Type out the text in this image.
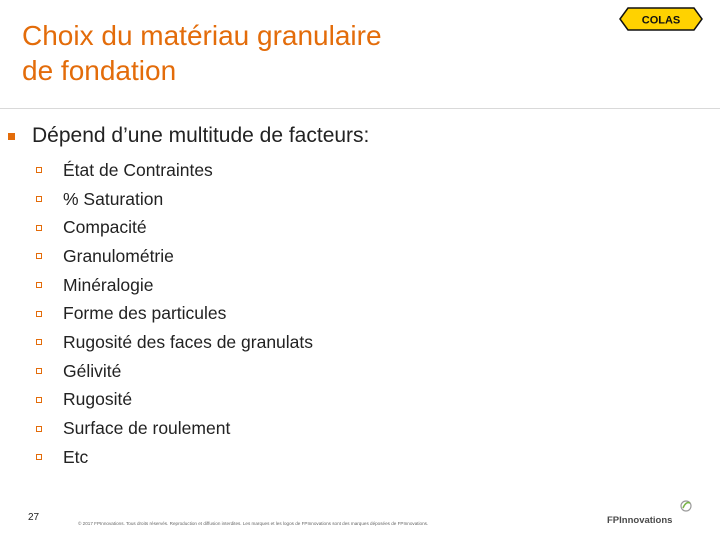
Choix du matériau granulaire
de fondation
COLAS
Dépend d’une multitude de facteurs:
État de Contraintes
% Saturation
Compacité
Granulométrie
Minéralogie
Forme des particules
Rugosité des faces de granulats
Gélivité
Rugosité
Surface de roulement
Etc
27
© 2017 FPInnovations. Tous droits réservés. Reproduction et diffusion interdites. Les marques et les logos de FPInnovations sont des marques déposées de FPInnovations.	FPInnovations
